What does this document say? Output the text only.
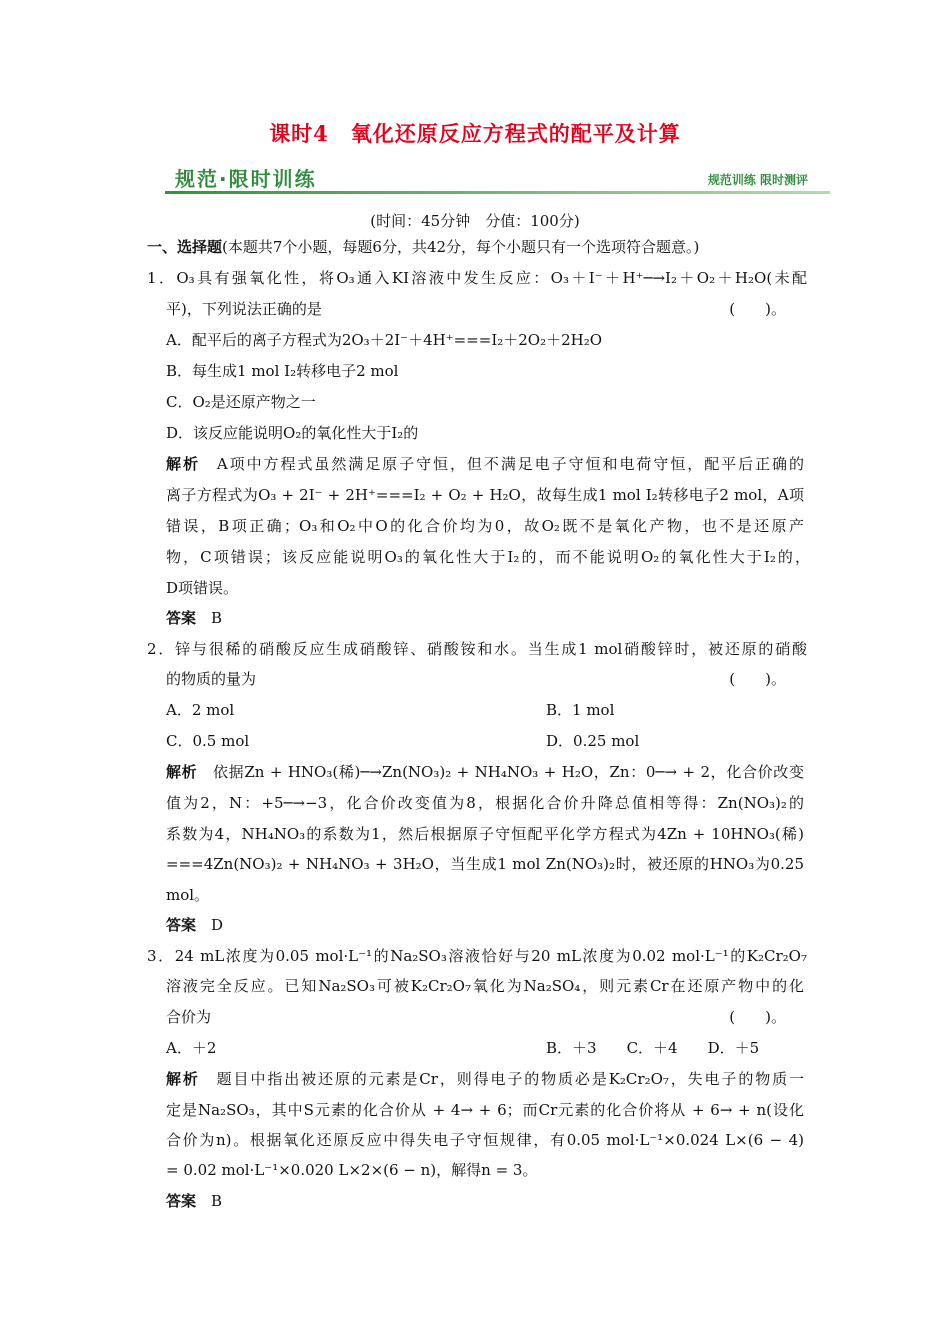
课时4　氧化还原反应方程式的配平及计算
规范·限时训练	规范训练 限时测评
(时间：45分钟　分值：100分)
一、选择题(本题共7个小题，每题6分，共42分，每个小题只有一个选项符合题意。)
1．O₃具有强氧化性，将O₃通入KI溶液中发生反应：O₃＋I⁻＋H⁺─→I₂＋O₂＋H₂O(未配
平)，下列说法正确的是	(　　)。
A．配平后的离子方程式为2O₃＋2I⁻＋4H⁺===I₂＋2O₂＋2H₂O
B．每生成1 mol I₂转移电子2 mol
C．O₂是还原产物之一
D．该反应能说明O₂的氧化性大于I₂的
解析　 A项中方程式虽然满足原子守恒，但不满足电子守恒和电荷守恒，配平后正确的
离子方程式为O₃ + 2I⁻ + 2H⁺===I₂ + O₂ + H₂O，故每生成1 mol I₂转移电子2 mol，A项
错误，B项正确；O₃和O₂中O的化合价均为0，故O₂既不是氧化产物，也不是还原产
物，C项错误；该反应能说明O₃的氧化性大于I₂的，而不能说明O₂的氧化性大于I₂的，
D项错误。
答案　 B
2．锌与很稀的硝酸反应生成硝酸锌、硝酸铵和水。当生成1 mol硝酸锌时，被还原的硝酸
的物质的量为	(　　)。
A．2 mol	B．1 mol
C．0.5 mol	D．0.25 mol
解析　 依据Zn + HNO₃(稀)─→Zn(NO₃)₂ + NH₄NO₃ + H₂O，Zn：0─→ + 2，化合价改变
值为2，N：+5─→−3，化合价改变值为8，根据化合价升降总值相等得：Zn(NO₃)₂的
系数为4，NH₄NO₃的系数为1，然后根据原子守恒配平化学方程式为4Zn + 10HNO₃(稀)
===4Zn(NO₃)₂ + NH₄NO₃ + 3H₂O，当生成1 mol Zn(NO₃)₂时，被还原的HNO₃为0.25
mol。
答案　 D
3．24 mL浓度为0.05 mol·L⁻¹的Na₂SO₃溶液恰好与20 mL浓度为0.02 mol·L⁻¹的K₂Cr₂O₇
溶液完全反应。已知Na₂SO₃可被K₂Cr₂O₇氧化为Na₂SO₄，则元素Cr在还原产物中的化
合价为	(　　)。
A．＋2	B．＋3　　C．＋4　　D．＋5
解析　 题目中指出被还原的元素是Cr，则得电子的物质必是K₂Cr₂O₇，失电子的物质一
定是Na₂SO₃，其中S元素的化合价从 + 4→ + 6；而Cr元素的化合价将从 + 6→ + n(设化
合价为n)。根据氧化还原反应中得失电子守恒规律，有0.05 mol·L⁻¹×0.024 L×(6 − 4)
= 0.02 mol·L⁻¹×0.020 L×2×(6 − n)，解得n = 3。
答案　 B
